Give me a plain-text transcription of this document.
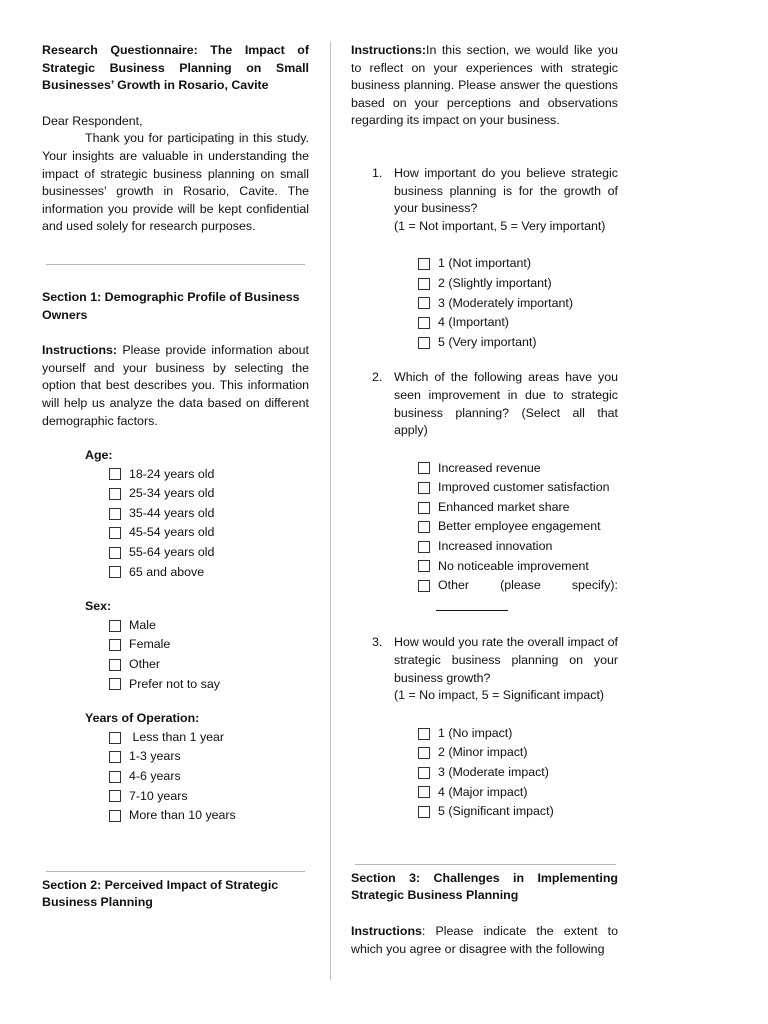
Research Questionnaire: The Impact of Strategic Business Planning on Small Businesses’ Growth in Rosario, Cavite

Dear Respondent,

Thank you for participating in this study. Your insights are valuable in understanding the impact of strategic business planning on small businesses’ growth in Rosario, Cavite. The information you provide will be kept confidential and used solely for research purposes.

Section 1: Demographic Profile of Business Owners

Instructions: Please provide information about yourself and your business by selecting the option that best describes you. This information will help us analyze the data based on different demographic factors.

Age:

18-24 years old
25-34 years old
35-44 years old
45-54 years old
55-64 years old
65 and above

Sex:

Male
Female
Other
Prefer not to say

Years of Operation:

Less than 1 year
1-3 years
4-6 years
7-10 years
More than 10 years

Section 2: Perceived Impact of Strategic Business Planning

Instructions:In this section, we would like you to reflect on your experiences with strategic business planning. Please answer the questions based on your perceptions and observations regarding its impact on your business.

1. How important do you believe strategic business planning is for the growth of your business?

(1 = Not important, 5 = Very important)

1 (Not important)
2 (Slightly important)
3 (Moderately important)
4 (Important)
5 (Very important)
2. Which of the following areas have you seen improvement in due to strategic business planning? (Select all that apply)

Increased revenue
Improved customer satisfaction
Enhanced market share
Better employee engagement
Increased innovation
No noticeable improvement
Other	(please	specify):
3. How would you rate the overall impact of strategic business planning on your business growth?

(1 = No impact, 5 = Significant impact)

1 (No impact)
2 (Minor impact)
3 (Moderate impact)
4 (Major impact)
5 (Significant impact)

Section 3: Challenges in Implementing Strategic Business Planning

Instructions: Please indicate the extent to which you agree or disagree with the following
